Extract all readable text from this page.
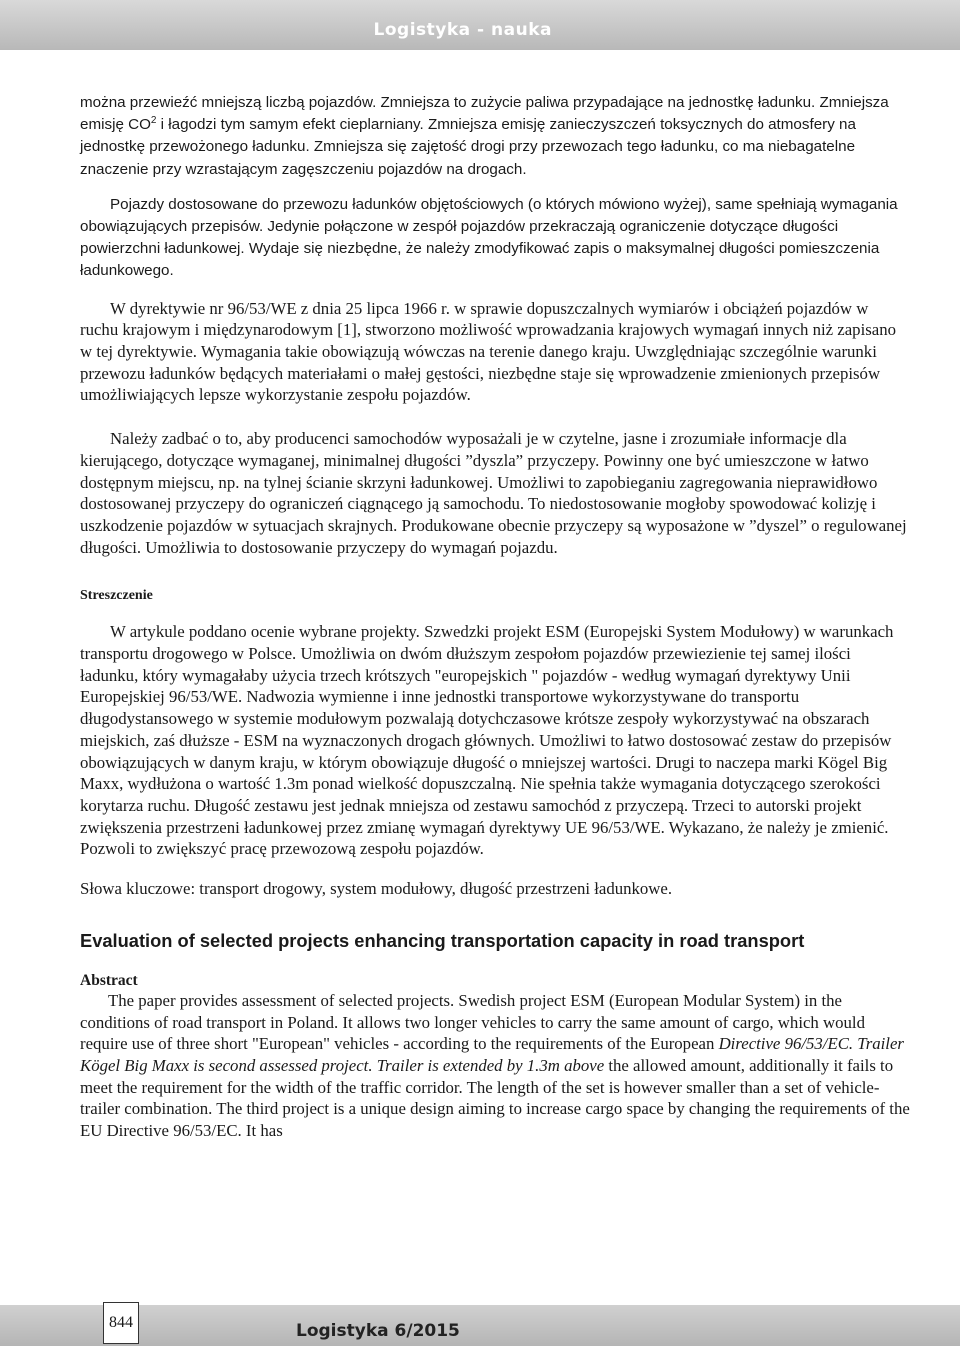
Logistyka - nauka

można przewieźć mniejszą liczbą pojazdów. Zmniejsza to zużycie paliwa przypadające na jednostkę ładunku. Zmniejsza emisję $CO^2$ i łagodzi tym samym efekt cieplarniany. Zmniejsza emisję zanieczyszczeń toksycznych do atmosfery na jednostkę przewożonego ładunku. Zmniejsza się zajętość drogi przy przewozach tego ładunku, co ma niebagatelne znaczenie przy wzrastającym zagęszczeniu pojazdów na drogach.

Pojazdy dostosowane do przewozu ładunków objętościowych (o których mówiono wyżej), same spełniają wymagania obowiązujących przepisów. Jedynie połączone w zespół pojazdów przekraczają ograniczenie dotyczące długości powierzchni ładunkowej. Wydaje się niezbędne, że należy zmodyfikować zapis o maksymalnej długości pomieszczenia ładunkowego.

W dyrektywie nr 96/53/WE z dnia 25 lipca 1966 r. w sprawie dopuszczalnych wymiarów i obciążeń pojazdów w ruchu krajowym i międzynarodowym [1], stworzono możliwość wprowadzania krajowych wymagań innych niż zapisano w tej dyrektywie. Wymagania takie obowiązują wówczas na terenie danego kraju. Uwzględniając szczególnie warunki przewozu ładunków będących materiałami o małej gęstości, niezbędne staje się wprowadzenie zmienionych przepisów umożliwiających lepsze wykorzystanie zespołu pojazdów.

Należy zadbać o to, aby producenci samochodów wyposażali je w czytelne, jasne i zrozumiałe informacje dla kierującego, dotyczące wymaganej, minimalnej długości ”dyszla” przyczepy. Powinny one być umieszczone w łatwo dostępnym miejscu, np. na tylnej ścianie skrzyni ładunkowej. Umożliwi to zapobieganiu zagregowania nieprawidłowo dostosowanej przyczepy do ograniczeń ciągnącego ją samochodu. To niedostosowanie mogłoby spowodować kolizję i uszkodzenie pojazdów w sytuacjach skrajnych. Produkowane obecnie przyczepy są wyposażone w ”dyszel” o regulowanej długości. Umożliwia to dostosowanie przyczepy do wymagań pojazdu.

Streszczenie

W artykule poddano ocenie wybrane projekty. Szwedzki projekt ESM (Europejski System Modułowy) w warunkach transportu drogowego w Polsce. Umożliwia on dwóm dłuższym zespołom pojazdów przewiezienie tej samej ilości ładunku, który wymagałaby użycia trzech krótszych "europejskich " pojazdów - według wymagań dyrektywy Unii Europejskiej 96/53/WE. Nadwozia wymienne i inne jednostki transportowe wykorzystywane do transportu długodystansowego w systemie modułowym pozwalają dotychczasowe krótsze zespoły wykorzystywać na obszarach miejskich, zaś dłuższe - ESM na wyznaczonych drogach głównych. Umożliwi to łatwo dostosować zestaw do przepisów obowiązujących w danym kraju, w którym obowiązuje długość o mniejszej wartości. Drugi to naczepa marki Kögel Big Maxx, wydłużona o wartość 1.3m ponad wielkość dopuszczalną. Nie spełnia także wymagania dotyczącego szerokości korytarza ruchu. Długość zestawu jest jednak mniejsza od zestawu samochód z przyczepą. Trzeci to autorski projekt zwiększenia przestrzeni ładunkowej przez zmianę wymagań dyrektywy UE 96/53/WE. Wykazano, że należy je zmienić. Pozwoli to zwiększyć pracę przewozową zespołu pojazdów.

Słowa kluczowe: transport drogowy, system modułowy, długość przestrzeni ładunkowe.

Evaluation of selected projects enhancing transportation capacity in road transport

Abstract

The paper provides assessment of selected projects. Swedish project ESM (European Modular System) in the conditions of road transport in Poland. It allows two longer vehicles to carry the same amount of cargo, which would require use of three short "European" vehicles - according to the requirements of the European Directive 96/53/EC. Trailer Kögel Big Maxx is second assessed project. Trailer is extended by 1.3m above the allowed amount, additionally it fails to meet the requirement for the width of the traffic corridor. The length of the set is however smaller than a set of vehicle-trailer combination. The third project is a unique design aiming to increase cargo space by changing the requirements of the EU Directive 96/53/EC. It has

844	Logistyka 6/2015
